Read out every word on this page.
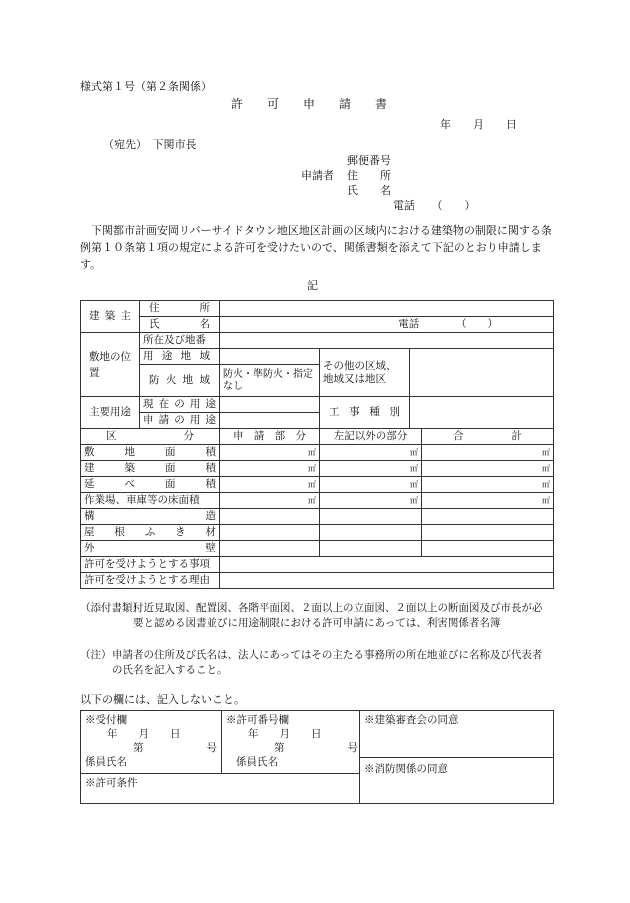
様式第１号（第２条関係）
許　　可　　申　　請　　書
年　　月　　日
（宛先）　下関市長
郵便番号
申請者 住　　所
氏　　名
電話　　（　　）
　下関都市計画安岡リバーサイドタウン地区地区計画の区域内における建築物の制限に関する条例第１０条第１項の規定による許可を受けたいので、関係書類を添えて下記のとおり申請します。
記
建築主	住所				

	氏名	電話　　　　（　　）			
敷地の位置	所在及び地番				

	用途地域		その他の区域、地域又は地区		

	防火地域	防火・準防火・指定なし			
主要用途	現在の用途		工事種別		

	申請の用途				

区分		申請部分	左記以外の部分		合計

敷地面積		㎡	㎡		㎡

建築面積		㎡	㎡		㎡

延べ面積		㎡	㎡		㎡
作業場、車庫等の床面積		㎡	㎡		㎡

構造					

屋根ふき材					

外壁					

許可を受けようとする事項					
許可を受けようとする理由					
（添付書類）
付近見取図、配置図、各階平面図、２面以上の立面図、２面以上の断面図及び市長が必要と認める図書並びに用途制限における許可申請にあっては、利害関係者名簿
（注） 申請者の住所及び氏名は、法人にあってはその主たる事務所の所在地並びに名称及び代表者の氏名を記入すること。
以下の欄には、記入しないこと。
※受付欄
年　　月　　日
第　　　　　　号
係員氏名

※許可番号欄
年　　月　　日
第　　　　　　号
係員氏名

※建築審査会の同意

※消防関係の同意

※許可条件
